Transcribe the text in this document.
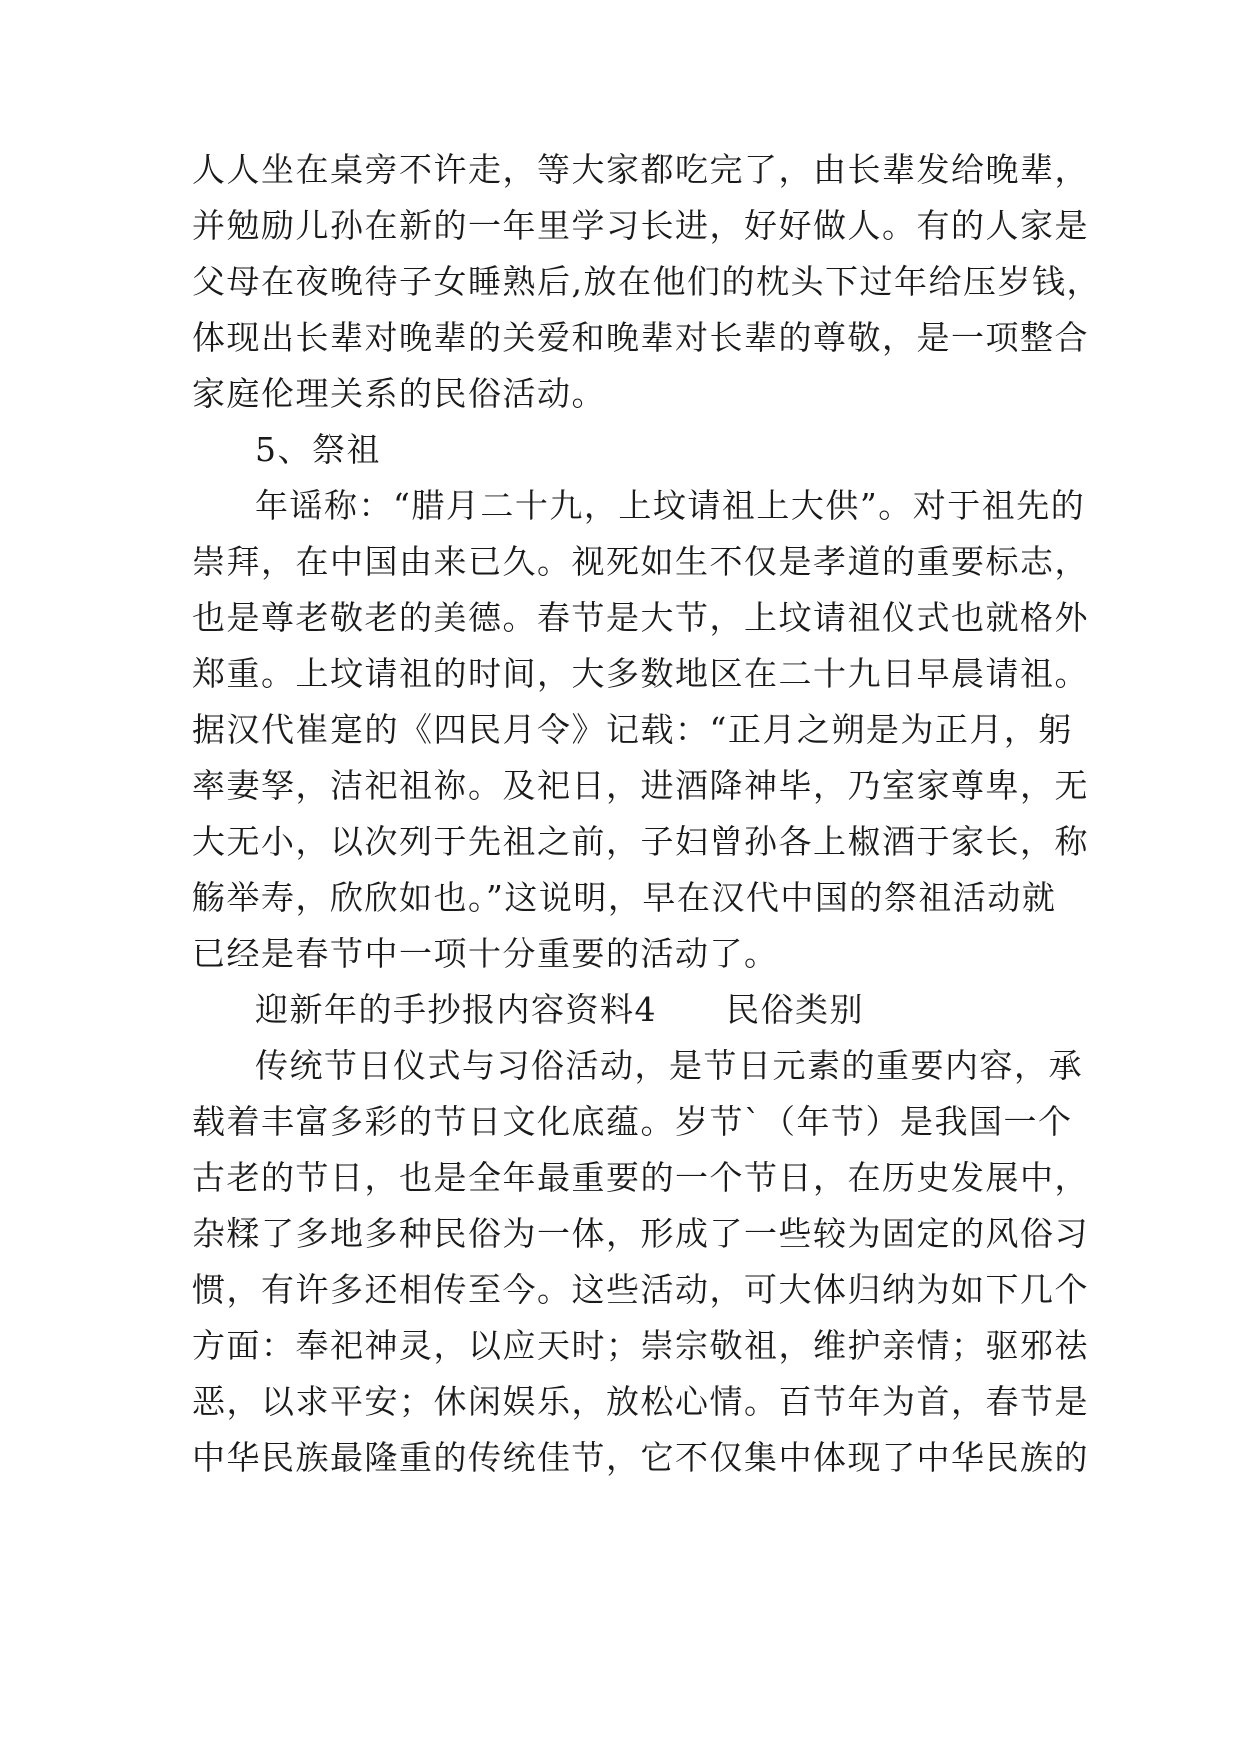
人人坐在桌旁不许走，等大家都吃完了，由长辈发给晚辈，
并勉励儿孙在新的一年里学习长进，好好做人。有的人家是
父母在夜晚待子女睡熟后,放在他们的枕头下过年给压岁钱，
体现出长辈对晚辈的关爱和晚辈对长辈的尊敬，是一项整合
家庭伦理关系的民俗活动。
5、祭祖
年谣称：“腊月二十九，上坟请祖上大供”。对于祖先的
崇拜，在中国由来已久。视死如生不仅是孝道的重要标志，
也是尊老敬老的美德。春节是大节，上坟请祖仪式也就格外
郑重。上坟请祖的时间，大多数地区在二十九日早晨请祖。
据汉代崔寔的《四民月令》记载：“正月之朔是为正月，躬
率妻孥，洁祀祖祢。及祀日，进酒降神毕，乃室家尊卑，无
大无小，以次列于先祖之前，子妇曾孙各上椒酒于家长，称
觞举寿，欣欣如也。”这说明，早在汉代中国的祭祖活动就
已经是春节中一项十分重要的活动了。
迎新年的手抄报内容资料4　　民俗类别
传统节日仪式与习俗活动，是节日元素的重要内容，承
载着丰富多彩的节日文化底蕴。岁节`（年节）是我国一个
古老的节日，也是全年最重要的一个节日，在历史发展中，
杂糅了多地多种民俗为一体，形成了一些较为固定的风俗习
惯，有许多还相传至今。这些活动，可大体归纳为如下几个
方面：奉祀神灵，以应天时；崇宗敬祖，维护亲情；驱邪祛
恶，以求平安；休闲娱乐，放松心情。百节年为首，春节是
中华民族最隆重的传统佳节，它不仅集中体现了中华民族的
